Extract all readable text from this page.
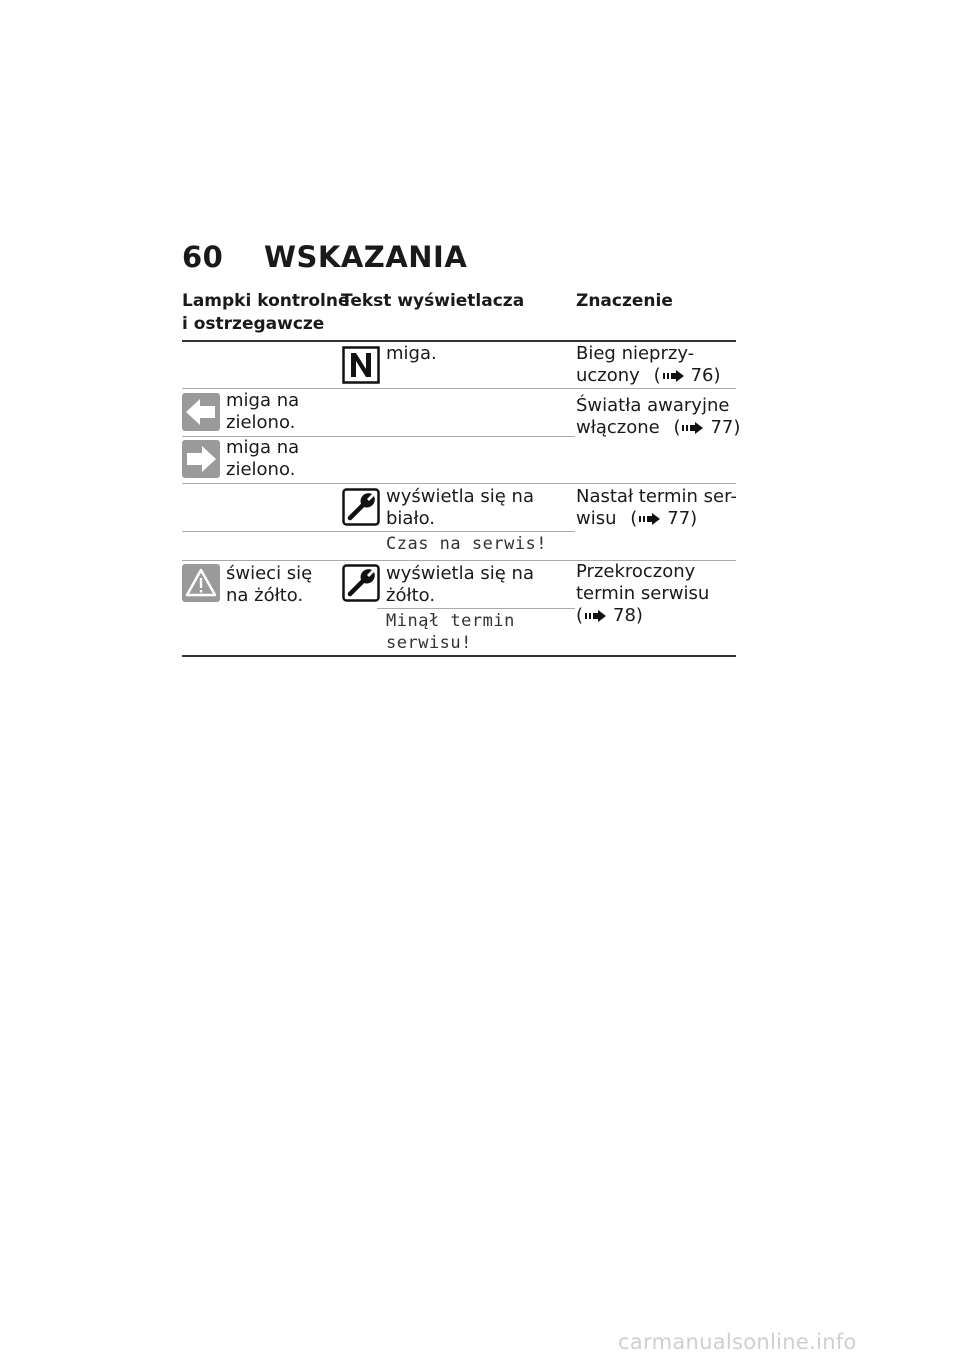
60 WSKAZANIA
Lampki kontrolne
i ostrzegawcze
Tekst wyświetlacza	Znaczenie
miga.	Bieg nieprzy-
uczony ( 76)
miga na
zielono.
miga na
zielono.
Światła awaryjne
włączone ( 77)
wyświetla się na
biało.
Czas na serwis!
Nastał termin ser-
wisu ( 77)
świeci się
na żółto.
wyświetla się na
żółto.
Minął termin
serwisu!
Przekroczony
termin serwisu
( 78)
carmanualsonline.info
